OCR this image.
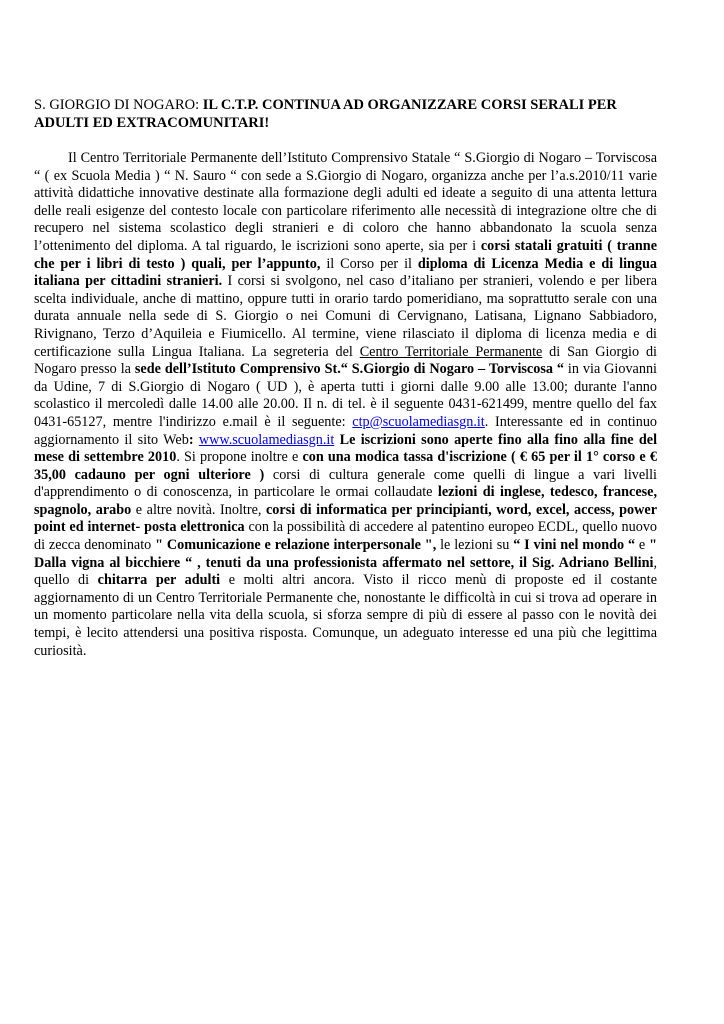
S. GIORGIO DI NOGARO: IL C.T.P. CONTINUA AD ORGANIZZARE CORSI SERALI PER ADULTI ED EXTRACOMUNITARI!

Il Centro Territoriale Permanente dell’Istituto Comprensivo Statale “ S.Giorgio di Nogaro – Torviscosa “ ( ex Scuola Media ) “ N. Sauro “ con sede a S.Giorgio di Nogaro, organizza anche per l’a.s.2010/11 varie attività didattiche innovative destinate alla formazione degli adulti ed ideate a seguito di una attenta lettura delle reali esigenze del contesto locale con particolare riferimento alle necessità di integrazione oltre che di recupero nel sistema scolastico degli stranieri e di coloro che hanno abbandonato la scuola senza l’ottenimento del diploma. A tal riguardo, le iscrizioni sono aperte, sia per i corsi statali gratuiti ( tranne che per i libri di testo ) quali, per l’appunto, il Corso per il diploma di Licenza Media e di lingua italiana per cittadini stranieri. I corsi si svolgono, nel caso d’italiano per stranieri, volendo e per libera scelta individuale, anche di mattino, oppure tutti in orario tardo pomeridiano, ma soprattutto serale con una durata annuale nella sede di S. Giorgio o nei Comuni di Cervignano, Latisana, Lignano Sabbiadoro, Rivignano, Terzo d’Aquileia e Fiumicello. Al termine, viene rilasciato il diploma di licenza media e di certificazione sulla Lingua Italiana. La segreteria del Centro Territoriale Permanente di San Giorgio di Nogaro presso la sede dell’Istituto Comprensivo St.“ S.Giorgio di Nogaro – Torviscosa “ in via Giovanni da Udine, 7 di S.Giorgio di Nogaro ( UD ), è aperta tutti i giorni dalle 9.00 alle 13.00; durante l'anno scolastico il mercoledì dalle 14.00 alle 20.00. Il n. di tel. è il seguente 0431-621499, mentre quello del fax 0431-65127, mentre l'indirizzo e.mail è il seguente: ctp@scuolamediasgn.it. Interessante ed in continuo aggiornamento il sito Web: www.scuolamediasgn.it Le iscrizioni sono aperte fino alla fino alla fine del mese di settembre 2010. Si propone inoltre e con una modica tassa d'iscrizione ( € 65 per il 1° corso e € 35,00 cadauno per ogni ulteriore ) corsi di cultura generale come quelli di lingue a vari livelli d'apprendimento o di conoscenza, in particolare le ormai collaudate lezioni di inglese, tedesco, francese, spagnolo, arabo e altre novità. Inoltre, corsi di informatica per principianti, word, excel, access, power point ed internet- posta elettronica con la possibilità di accedere al patentino europeo ECDL, quello nuovo di zecca denominato " Comunicazione e relazione interpersonale ", le lezioni su “ I vini nel mondo “ e " Dalla vigna al bicchiere “ , tenuti da una professionista affermato nel settore, il Sig. Adriano Bellini, quello di chitarra per adulti e molti altri ancora. Visto il ricco menù di proposte ed il costante aggiornamento di un Centro Territoriale Permanente che, nonostante le difficoltà in cui si trova ad operare in un momento particolare nella vita della scuola, si sforza sempre di più di essere al passo con le novità dei tempi, è lecito attendersi una positiva risposta. Comunque, un adeguato interesse ed una più che legittima curiosità.
